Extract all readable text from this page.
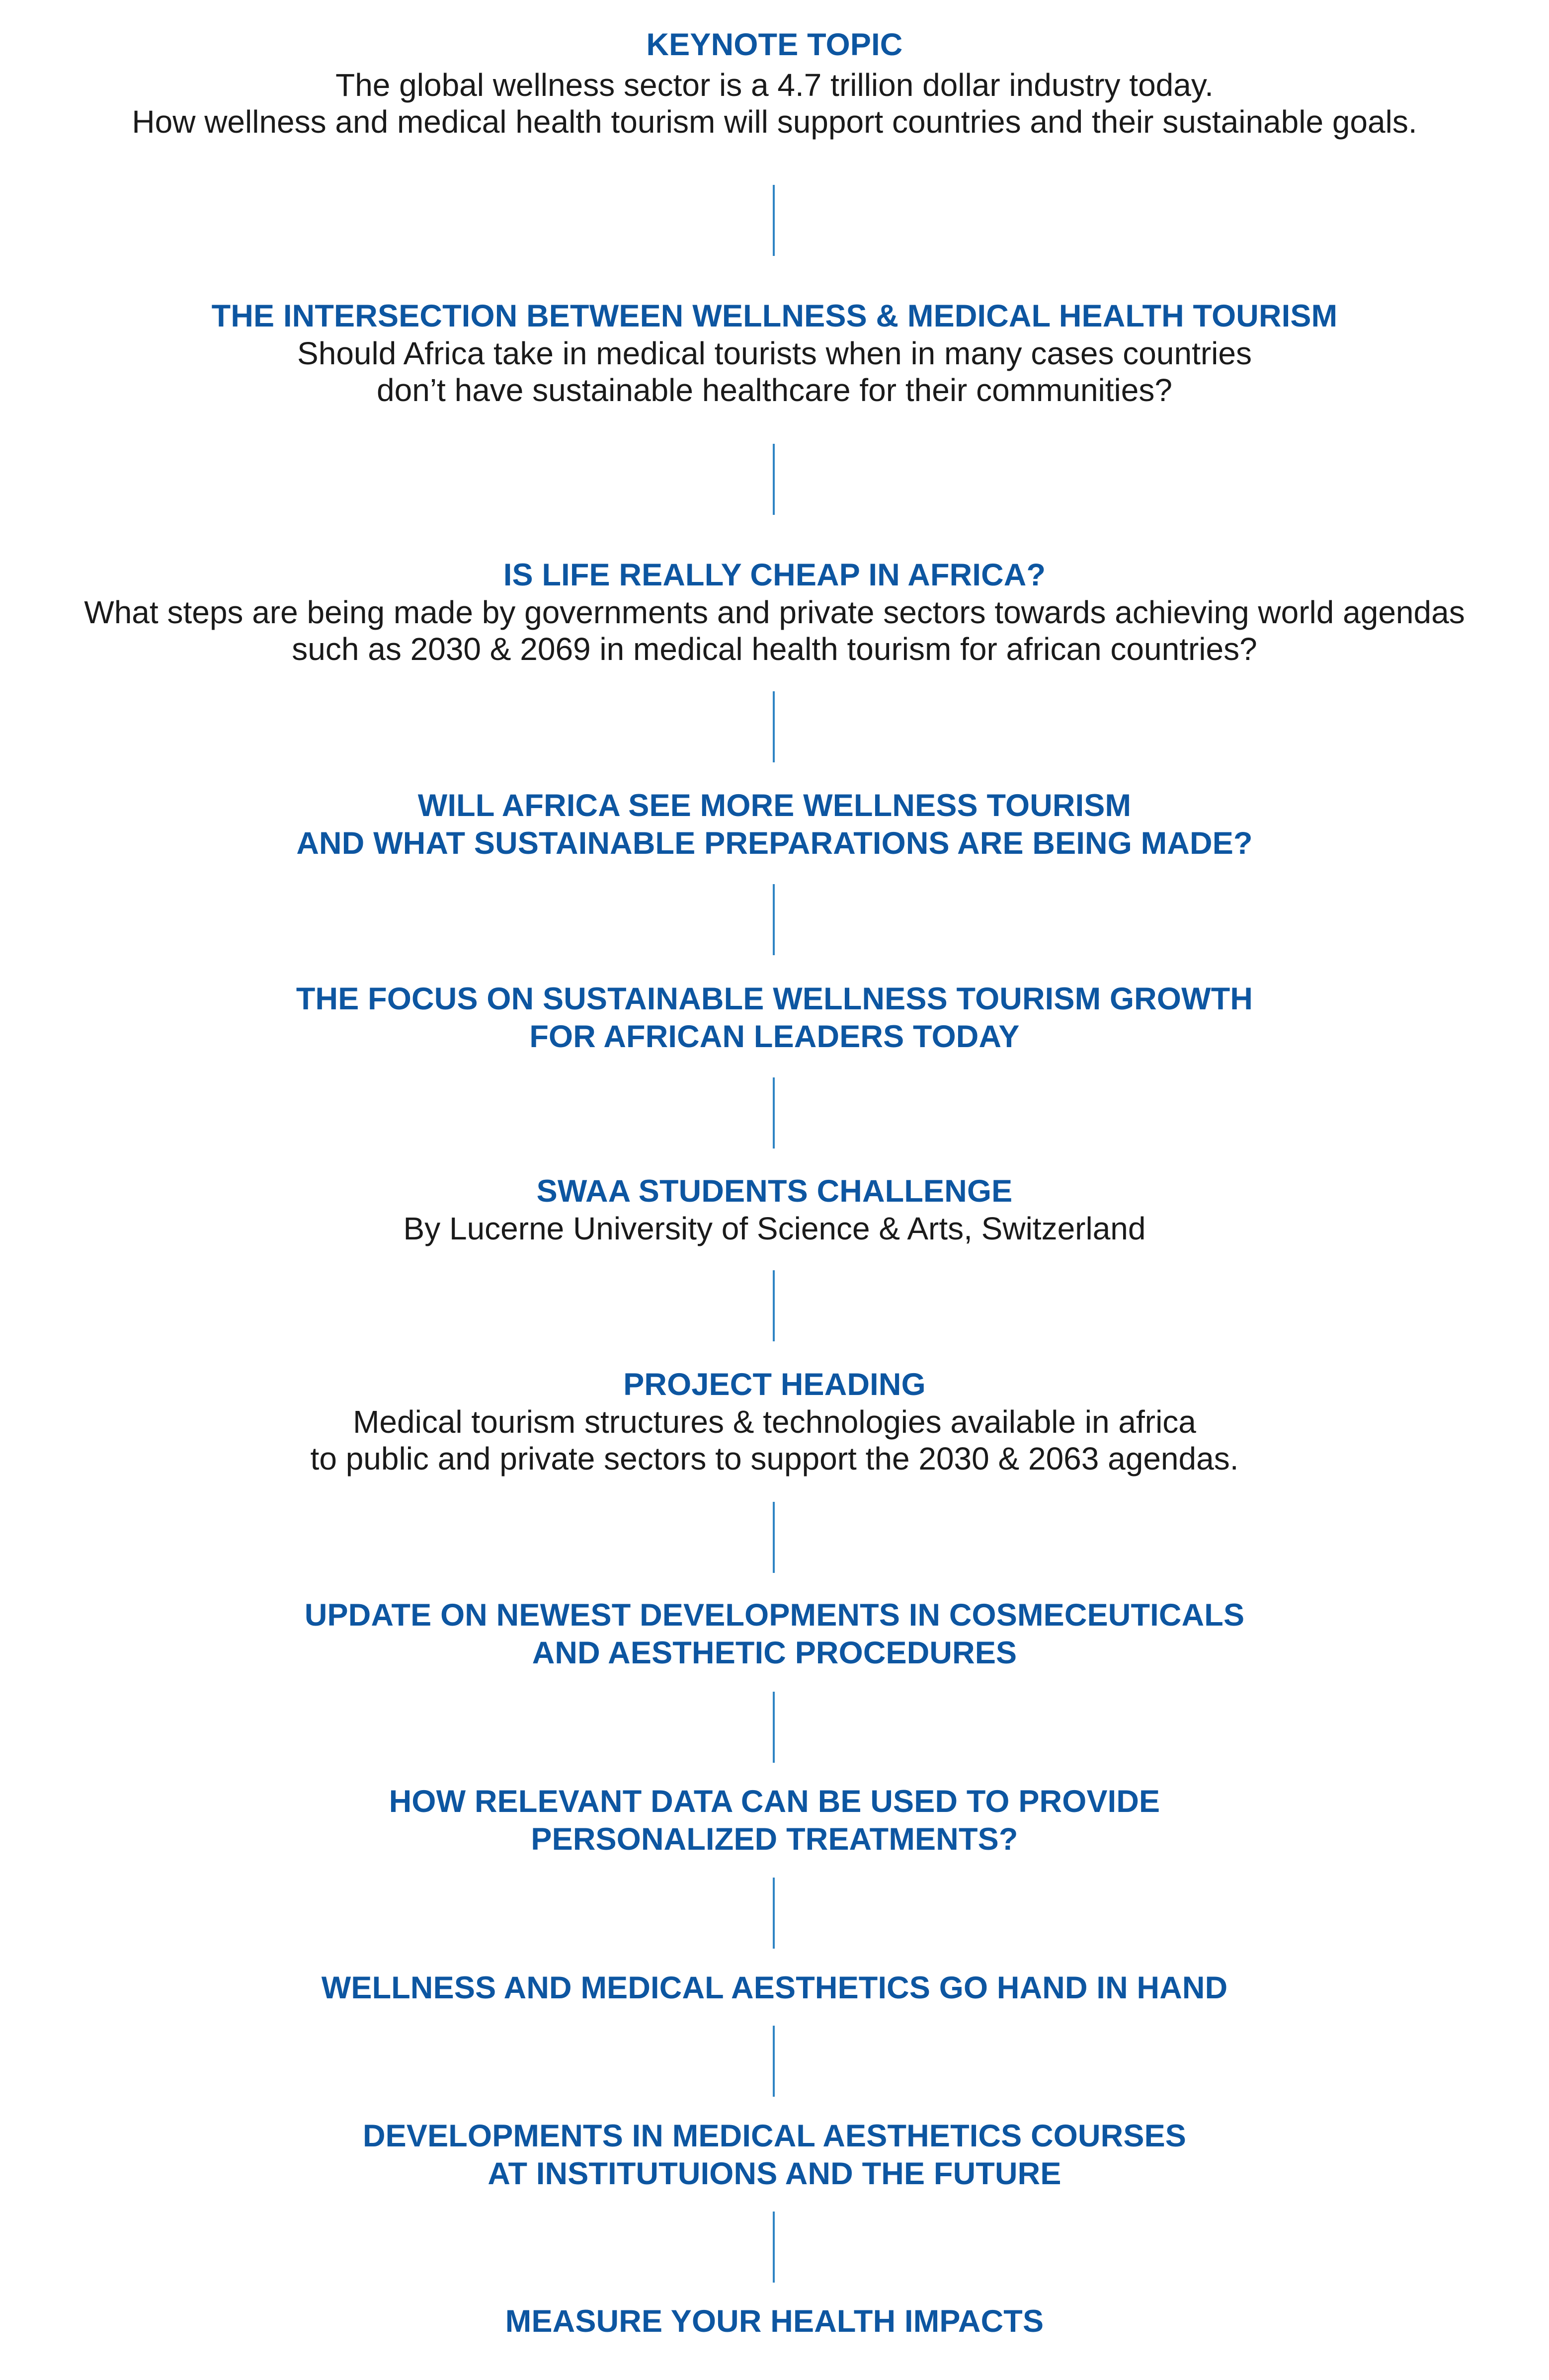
KEYNOTE TOPIC
The global wellness sector is a 4.7 trillion dollar industry today.
How wellness and medical health tourism will support countries and their sustainable goals.
THE INTERSECTION BETWEEN WELLNESS & MEDICAL HEALTH TOURISM
Should Africa take in medical tourists when in many cases countries
don’t have sustainable healthcare for their communities?
IS LIFE REALLY CHEAP IN AFRICA?
What steps are being made by governments and private sectors towards achieving world agendas
such as 2030 & 2069 in medical health tourism for african countries?
WILL AFRICA SEE MORE WELLNESS TOURISM
AND WHAT SUSTAINABLE PREPARATIONS ARE BEING MADE?
THE FOCUS ON SUSTAINABLE WELLNESS TOURISM GROWTH
FOR AFRICAN LEADERS TODAY
SWAA STUDENTS CHALLENGE
By Lucerne University of Science & Arts, Switzerland
PROJECT HEADING
Medical tourism structures & technologies available in africa
to public and private sectors to support the 2030 & 2063 agendas.
UPDATE ON NEWEST DEVELOPMENTS IN COSMECEUTICALS
AND AESTHETIC PROCEDURES
HOW RELEVANT DATA CAN BE USED TO PROVIDE
PERSONALIZED TREATMENTS?
WELLNESS AND MEDICAL AESTHETICS GO HAND IN HAND
DEVELOPMENTS IN MEDICAL AESTHETICS COURSES
AT INSTITUTUIONS AND THE FUTURE
MEASURE YOUR HEALTH IMPACTS
